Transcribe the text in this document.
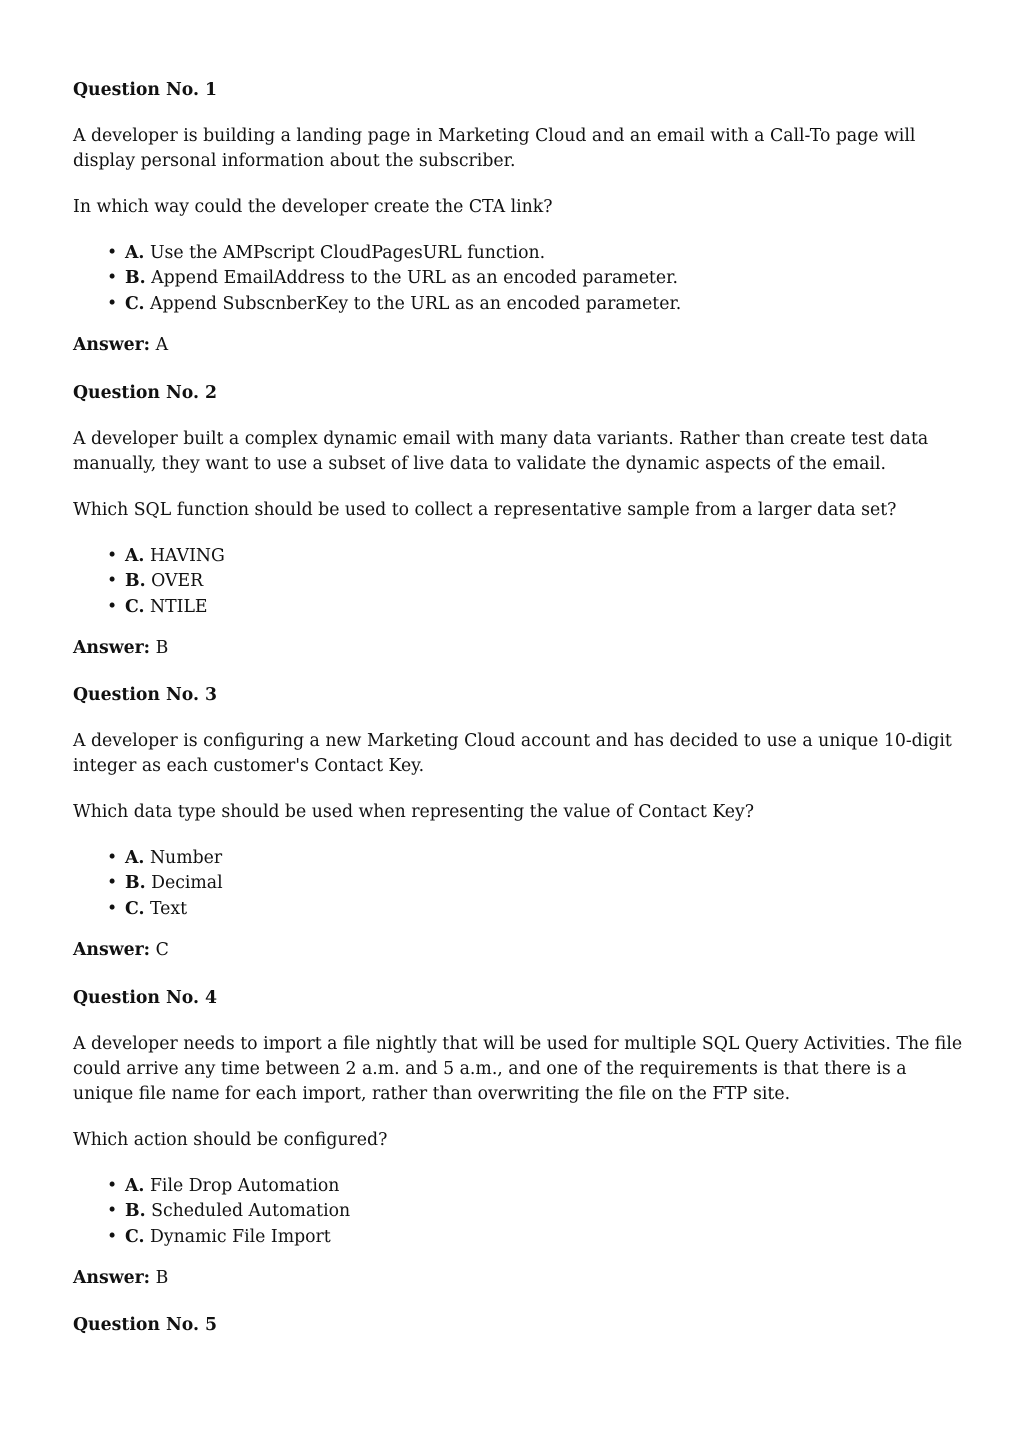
Question No. 1

A developer is building a landing page in Marketing Cloud and an email with a Call-To page will display personal information about the subscriber.

In which way could the developer create the CTA link?

• A. Use the AMPscript CloudPagesURL function.
• B. Append EmailAddress to the URL as an encoded parameter.
• C. Append SubscnberKey to the URL as an encoded parameter.

Answer: A

Question No. 2

A developer built a complex dynamic email with many data variants. Rather than create test data manually, they want to use a subset of live data to validate the dynamic aspects of the email.

Which SQL function should be used to collect a representative sample from a larger data set?

• A. HAVING
• B. OVER
• C. NTILE

Answer: B

Question No. 3

A developer is configuring a new Marketing Cloud account and has decided to use a unique 10-digit integer as each customer's Contact Key.

Which data type should be used when representing the value of Contact Key?

• A. Number
• B. Decimal
• C. Text

Answer: C

Question No. 4

A developer needs to import a file nightly that will be used for multiple SQL Query Activities. The file could arrive any time between 2 a.m. and 5 a.m., and one of the requirements is that there is a unique file name for each import, rather than overwriting the file on the FTP site.

Which action should be configured?

• A. File Drop Automation
• B. Scheduled Automation
• C. Dynamic File Import

Answer: B

Question No. 5
